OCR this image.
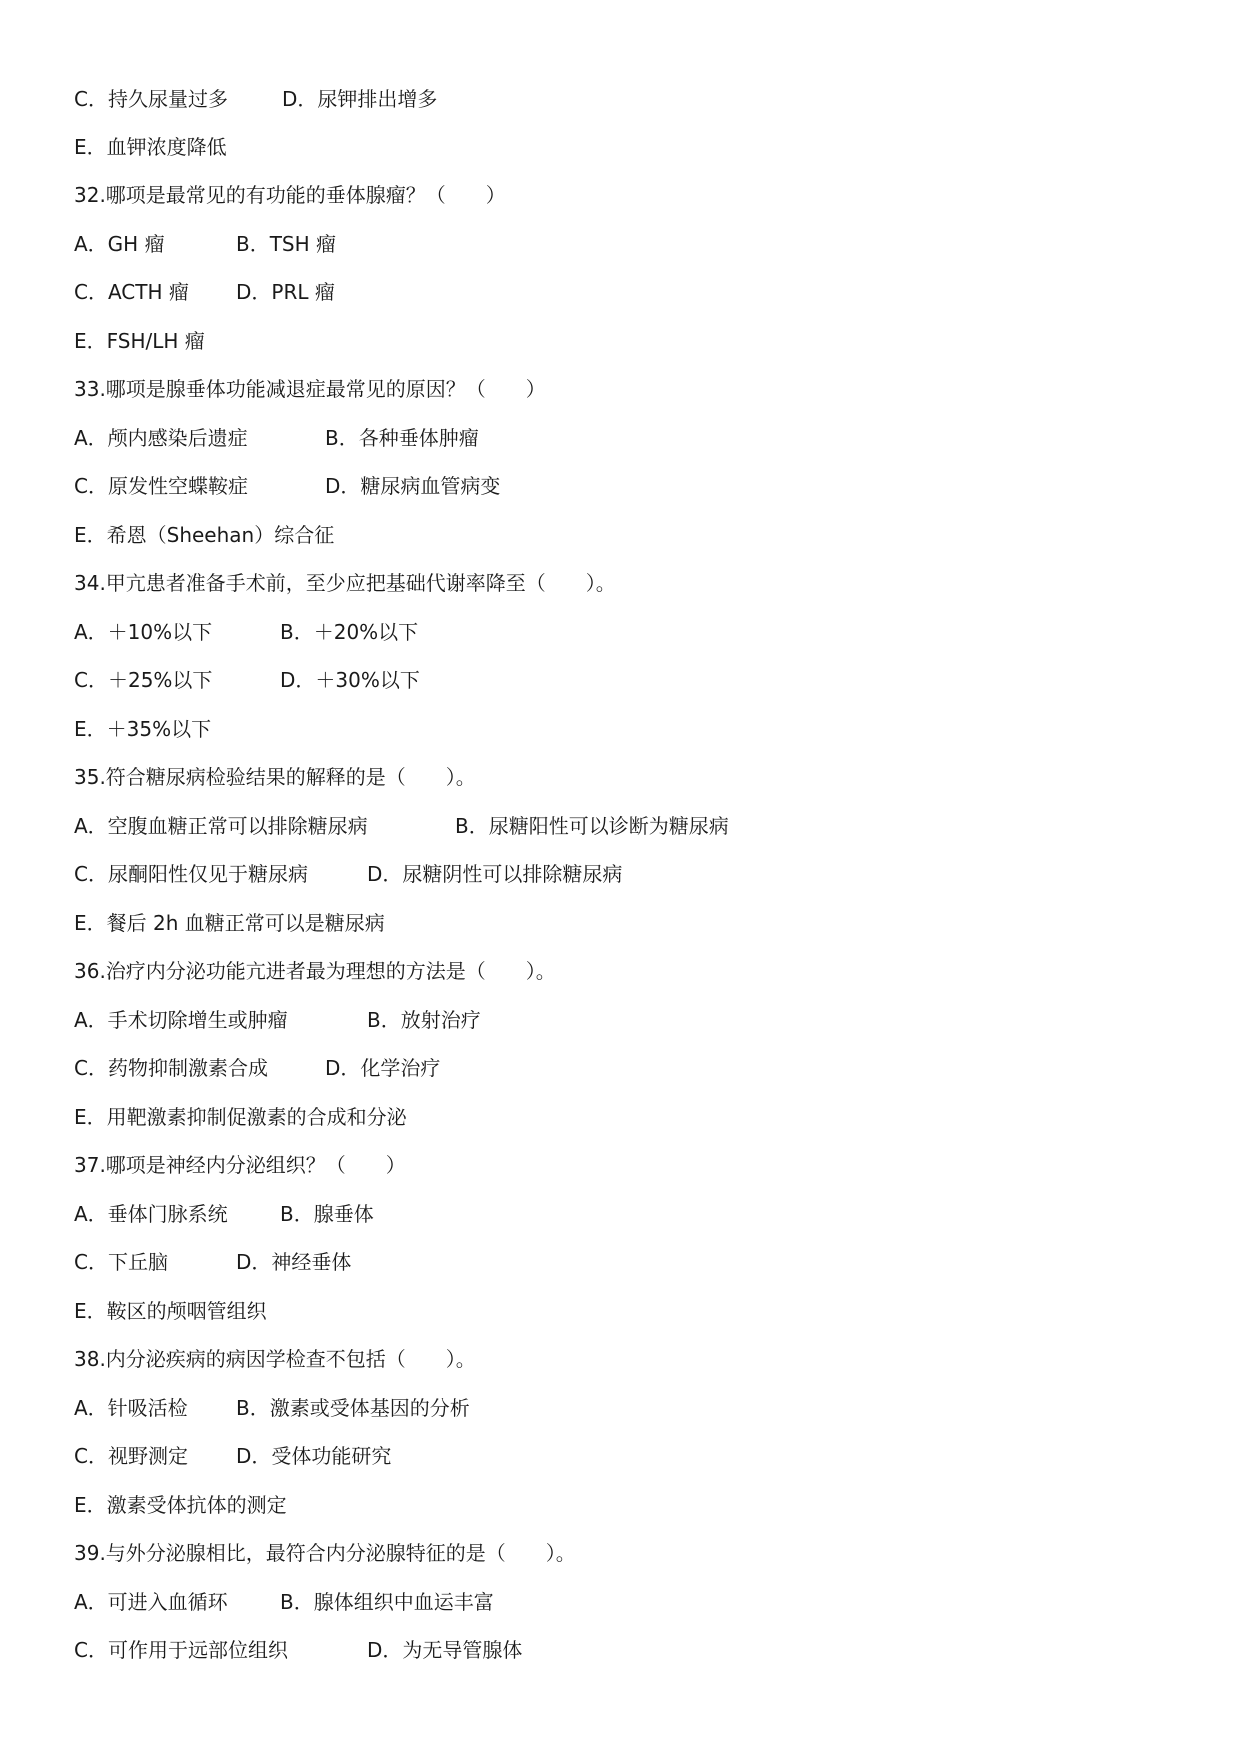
C．持久尿量过多	D．尿钾排出增多
E．血钾浓度降低
32.哪项是最常见的有功能的垂体腺瘤？（　　）
A．GH 瘤	B．TSH 瘤
C．ACTH 瘤 D．PRL 瘤
E．FSH/LH 瘤
33.哪项是腺垂体功能减退症最常见的原因？（　　）
A．颅内感染后遗症	B．各种垂体肿瘤
C．原发性空蝶鞍症	D．糖尿病血管病变
E．希恩（Sheehan）综合征
34.甲亢患者准备手术前，至少应把基础代谢率降至（　　）。
A．＋10%以下	B．＋20%以下
C．＋25%以下	D．＋30%以下
E．＋35%以下
35.符合糖尿病检验结果的解释的是（　　）。
A．空腹血糖正常可以排除糖尿病	B．尿糖阳性可以诊断为糖尿病
C．尿酮阳性仅见于糖尿病	D．尿糖阴性可以排除糖尿病
E．餐后 2h 血糖正常可以是糖尿病
36.治疗内分泌功能亢进者最为理想的方法是（　　）。
A．手术切除增生或肿瘤	B．放射治疗
C．药物抑制激素合成	D．化学治疗
E．用靶激素抑制促激素的合成和分泌
37.哪项是神经内分泌组织？（　　）
A．垂体门脉系统	B．腺垂体
C．下丘脑	D．神经垂体
E．鞍区的颅咽管组织
38.内分泌疾病的病因学检查不包括（　　）。
A．针吸活检 B．激素或受体基因的分析
C．视野测定 D．受体功能研究
E．激素受体抗体的测定
39.与外分泌腺相比，最符合内分泌腺特征的是（　　）。
A．可进入血循环	B．腺体组织中血运丰富
C．可作用于远部位组织	D．为无导管腺体
